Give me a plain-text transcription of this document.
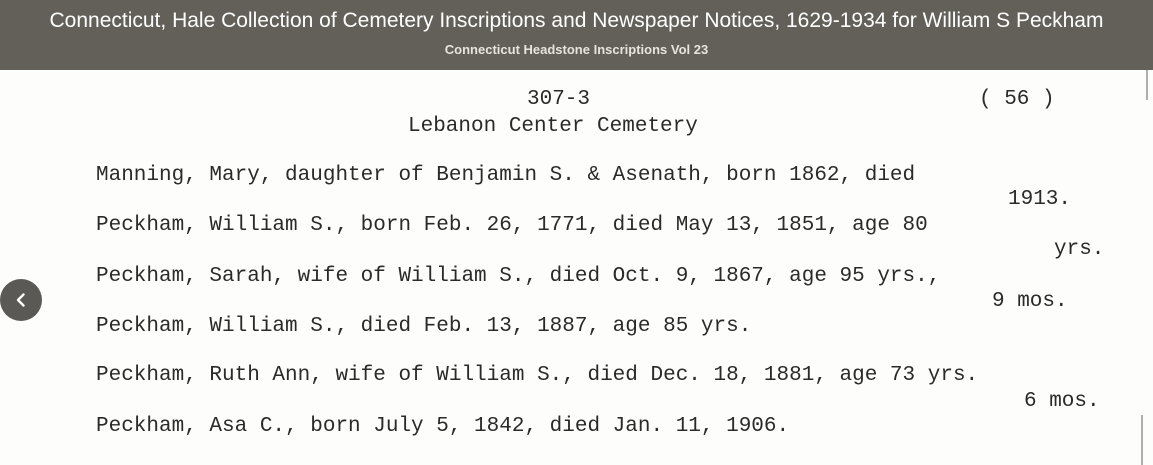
Connecticut, Hale Collection of Cemetery Inscriptions and Newspaper Notices, 1629-1934 for William S Peckham
Connecticut Headstone Inscriptions Vol 23
307-3	( 56 )
Lebanon Center Cemetery
Manning, Mary, daughter of Benjamin S. & Asenath, born 1862, died
1913.
Peckham, William S., born Feb. 26, 1771, died May 13, 1851, age 80
yrs.
Peckham, Sarah, wife of William S., died Oct. 9, 1867, age 95 yrs.,
9 mos.
Peckham, William S., died Feb. 13, 1887, age 85 yrs.
Peckham, Ruth Ann, wife of William S., died Dec. 18, 1881, age 73 yrs.
6 mos.
Peckham, Asa C., born July 5, 1842, died Jan. 11, 1906.
